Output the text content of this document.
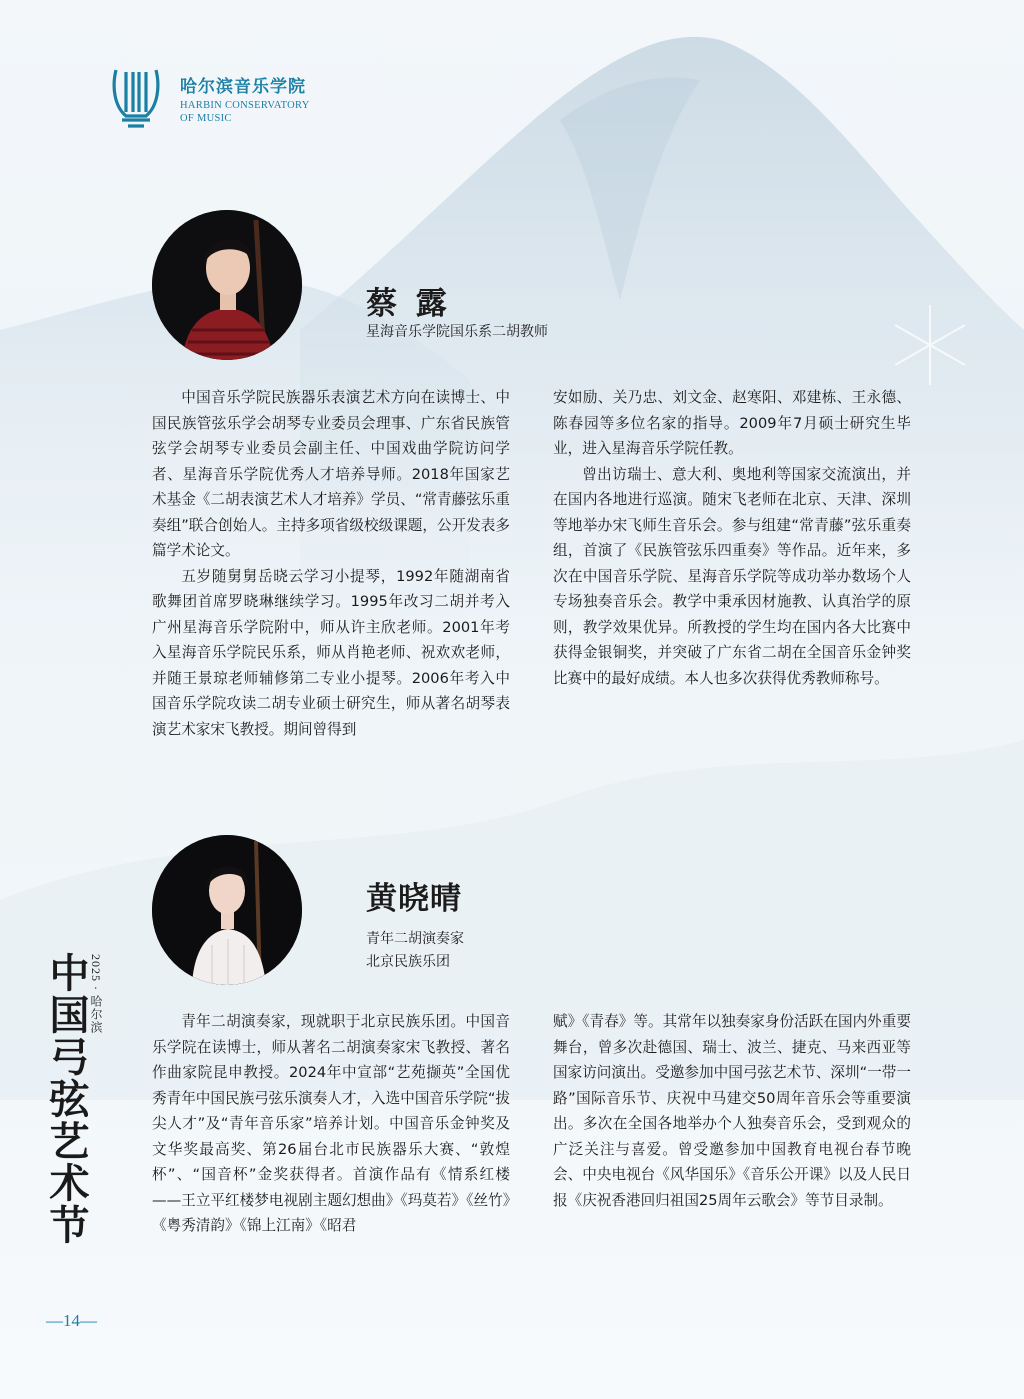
哈尔滨音乐学院
HARBIN CONSERVATORY
OF MUSIC
蔡 露
星海音乐学院国乐系二胡教师

中国音乐学院民族器乐表演艺术方向在读博士、中国民族管弦乐学会胡琴专业委员会理事、广东省民族管弦学会胡琴专业委员会副主任、中国戏曲学院访问学者、星海音乐学院优秀人才培养导师。2018年国家艺术基金《二胡表演艺术人才培养》学员、“常青藤弦乐重奏组”联合创始人。主持多项省级校级课题，公开发表多篇学术论文。

五岁随舅舅岳晓云学习小提琴，1992年随湖南省歌舞团首席罗晓琳继续学习。1995年改习二胡并考入广州星海音乐学院附中，师从许主欣老师。2001年考入星海音乐学院民乐系，师从肖艳老师、祝欢欢老师，并随王景琼老师辅修第二专业小提琴。2006年考入中国音乐学院攻读二胡专业硕士研究生，师从著名胡琴表演艺术家宋飞教授。期间曾得到

安如励、关乃忠、刘文金、赵寒阳、邓建栋、王永德、陈春园等多位名家的指导。2009年7月硕士研究生毕业，进入星海音乐学院任教。

曾出访瑞士、意大利、奥地利等国家交流演出，并在国内各地进行巡演。随宋飞老师在北京、天津、深圳等地举办宋飞师生音乐会。参与组建“常青藤”弦乐重奏组，首演了《民族管弦乐四重奏》等作品。近年来，多次在中国音乐学院、星海音乐学院等成功举办数场个人专场独奏音乐会。教学中秉承因材施教、认真治学的原则，教学效果优异。所教授的学生均在国内各大比赛中获得金银铜奖，并突破了广东省二胡在全国音乐金钟奖比赛中的最好成绩。本人也多次获得优秀教师称号。

黄晓晴
青年二胡演奏家
北京民族乐团

青年二胡演奏家，现就职于北京民族乐团。中国音乐学院在读博士，师从著名二胡演奏家宋飞教授、著名作曲家院昆申教授。2024年中宣部“艺苑撷英”全国优秀青年中国民族弓弦乐演奏人才，入选中国音乐学院“拔尖人才”及“青年音乐家”培养计划。中国音乐金钟奖及文华奖最高奖、第26届台北市民族器乐大赛、“敦煌杯”、“国音杯”金奖获得者。首演作品有《情系红楼——王立平红楼梦电视剧主题幻想曲》《玛莫若》《丝竹》《粤秀清韵》《锦上江南》《昭君

赋》《青春》等。其常年以独奏家身份活跃在国内外重要舞台，曾多次赴德国、瑞士、波兰、捷克、马来西亚等国家访问演出。受邀参加中国弓弦艺术节、深圳“一带一路”国际音乐节、庆祝中马建交50周年音乐会等重要演出。多次在全国各地举办个人独奏音乐会，受到观众的广泛关注与喜爱。曾受邀参加中国教育电视台春节晚会、中央电视台《风华国乐》《音乐公开课》以及人民日报《庆祝香港回归祖国25周年云歌会》等节目录制。

2025 · 哈尔滨
中国弓弦艺术节
—14—
